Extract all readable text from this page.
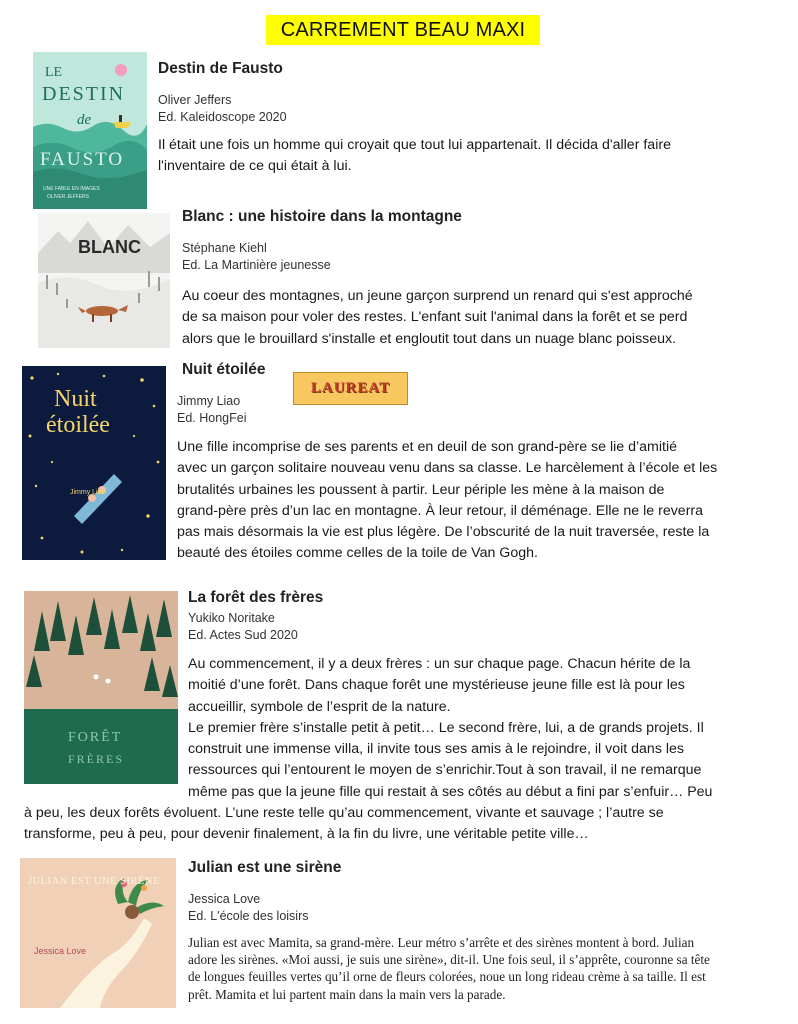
CARREMENT BEAU MAXI
LE
DESTIN
de
FAUSTO
UNE FABLE EN IMAGES
OLIVER JEFFERS
Destin de Fausto
Oliver Jeffers
Ed. Kaleidoscope 2020
Il était une fois un homme qui croyait que tout lui appartenait. Il décida d'aller faire
l'inventaire de ce qui était à lui.
BLANC
Blanc : une histoire dans la montagne
Stéphane Kiehl
Ed. La Martinière jeunesse
Au coeur des montagnes, un jeune garçon surprend un renard qui s'est approché
de sa maison pour voler des restes. L'enfant suit l'animal dans la forêt et se perd
alors que le brouillard s'installe et engloutit tout dans un nuage blanc poisseux.
Nuit
étoilée
Jimmy Liao
Nuit étoilée
LAUREAT
Jimmy Liao
Ed. HongFei
Une fille incomprise de ses parents et en deuil de son grand-père se lie d’amitié
avec un garçon solitaire nouveau venu dans sa classe. Le harcèlement à l’école et les
brutalités urbaines les poussent à partir. Leur périple les mène à la maison de
grand-père près d’un lac en montagne. À leur retour, il déménage. Elle ne le reverra
pas mais désormais la vie est plus légère. De l’obscurité de la nuit traversée, reste la
beauté des étoiles comme celles de la toile de Van Gogh.
FORÊT
FRÈRES
La forêt des frères
Yukiko Noritake
Ed. Actes Sud 2020
Au commencement, il y a deux frères : un sur chaque page. Chacun hérite de la
moitié d’une forêt. Dans chaque forêt une mystérieuse jeune fille est là pour les
accueillir, symbole de l’esprit de la nature.
Le premier frère s’installe petit à petit… Le second frère, lui, a de grands projets. Il
construit une immense villa, il invite tous ses amis à le rejoindre, il voit dans les
ressources qui l’entourent le moyen de s’enrichir.Tout à son travail, il ne remarque
même pas que la jeune fille qui restait à ses côtés au début a fini par s’enfuir… Peu
à peu, les deux forêts évoluent. L’une reste telle qu’au commencement, vivante et sauvage ; l’autre se
transforme, peu à peu, pour devenir finalement, à la fin du livre, une véritable petite ville…
JULIAN EST UNE SIRÈNE
Jessica Love
Julian est une sirène
Jessica Love
Ed. L'école des loisirs
Julian est avec Mamita, sa grand-mère. Leur métro s’arrête et des sirènes montent à bord. Julian
adore les sirènes. «Moi aussi, je suis une sirène», dit-il. Une fois seul, il s’apprête, couronne sa tête
de longues feuilles vertes qu’il orne de fleurs colorées, noue un long rideau crème à sa taille. Il est
prêt. Mamita et lui partent main dans la main vers la parade.
